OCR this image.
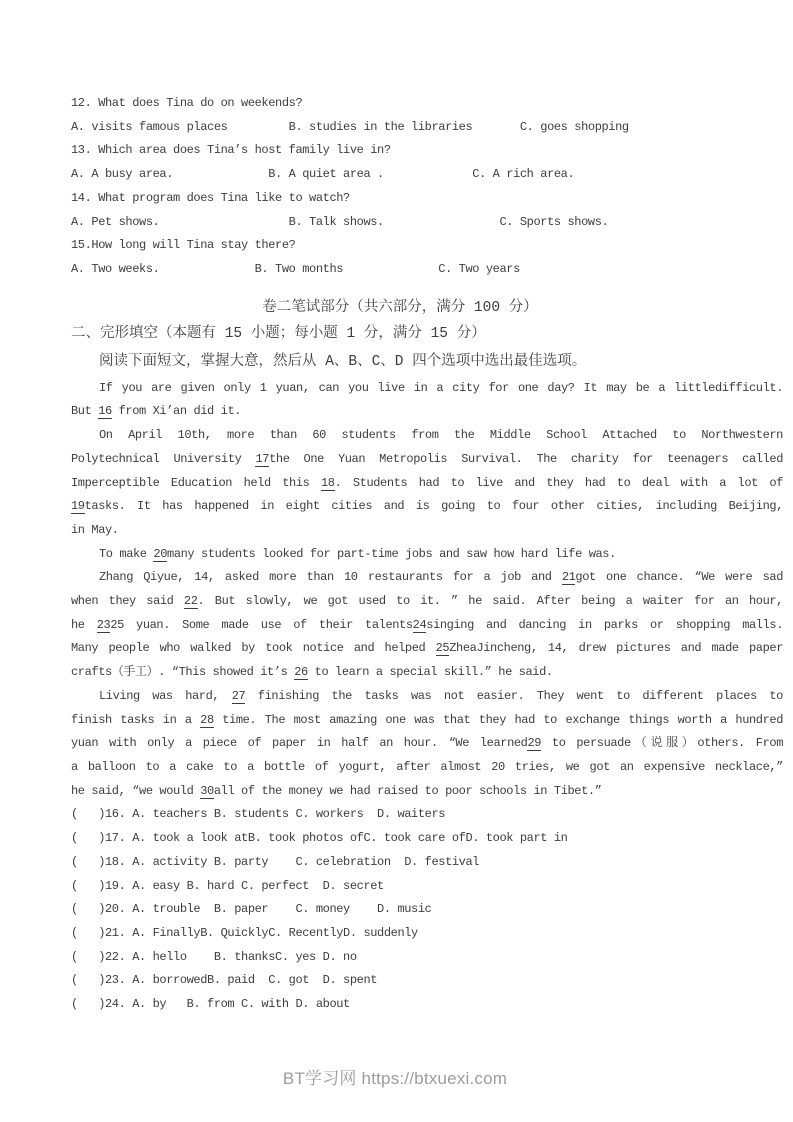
12. What does Tina do on weekends?
A. visits famous places         B. studies in the libraries       C. goes shopping
13. Which area does Tina’s host family live in?
A. A busy area.              B. A quiet area .             C. A rich area.
14. What program does Tina like to watch?
A. Pet shows.                   B. Talk shows.                 C. Sports shows.
15.How long will Tina stay there?
A. Two weeks.              B. Two months              C. Two years
卷二笔试部分（共六部分，满分 100 分）
二、完形填空（本题有 15 小题；每小题 1 分，满分 15 分）
阅读下面短文，掌握大意，然后从 A、B、C、D 四个选项中选出最佳选项。
If you are given only 1 yuan, can you live in a city for one day? It may be a littledifficult.
But 16 from Xi’an did it.
On April 10th, more than 60 students from the Middle School Attached to Northwestern
Polytechnical University 17the One Yuan Metropolis Survival. The charity for teenagers called
Imperceptible Education held this 18. Students had to live and they had to deal with a lot of
19tasks. It has happened in eight cities and is going to four other cities, including Beijing,
in May.
To make 20many students looked for part-time jobs and saw how hard life was.
Zhang Qiyue, 14, asked more than 10 restaurants for a job and 21got one chance. “We were sad
when they said 22. But slowly, we got used to it. ” he said. After being a waiter for an hour,
he 2325 yuan. Some made use of their talents24singing and dancing in parks or shopping malls.
Many people who walked by took notice and helped 25ZheaJincheng, 14, drew pictures and made paper
crafts（手工）. “This showed it’s 26 to learn a special skill.” he said.
Living was hard, 27 finishing the tasks was not easier. They went to different places to
finish tasks in a 28 time. The most amazing one was that they had to exchange things worth a hundred
yuan with only a piece of paper in half an hour. “We learned29 to persuade（说服）others. From
a balloon to a cake to a bottle of yogurt, after almost 20 tries, we got an expensive necklace,”
he said, “we would 30all of the money we had raised to poor schools in Tibet.”
(   )16. A. teachers B. students C. workers  D. waiters
(   )17. A. took a look atB. took photos ofC. took care ofD. took part in
(   )18. A. activity B. party    C. celebration  D. festival
(   )19. A. easy B. hard C. perfect  D. secret
(   )20. A. trouble  B. paper    C. money    D. music
(   )21. A. FinallyB. QuicklyC. RecentlyD. suddenly
(   )22. A. hello    B. thanksC. yes D. no
(   )23. A. borrowedB. paid  C. got  D. spent
(   )24. A. by   B. from C. with D. about
BT学习网 https://btxuexi.com
